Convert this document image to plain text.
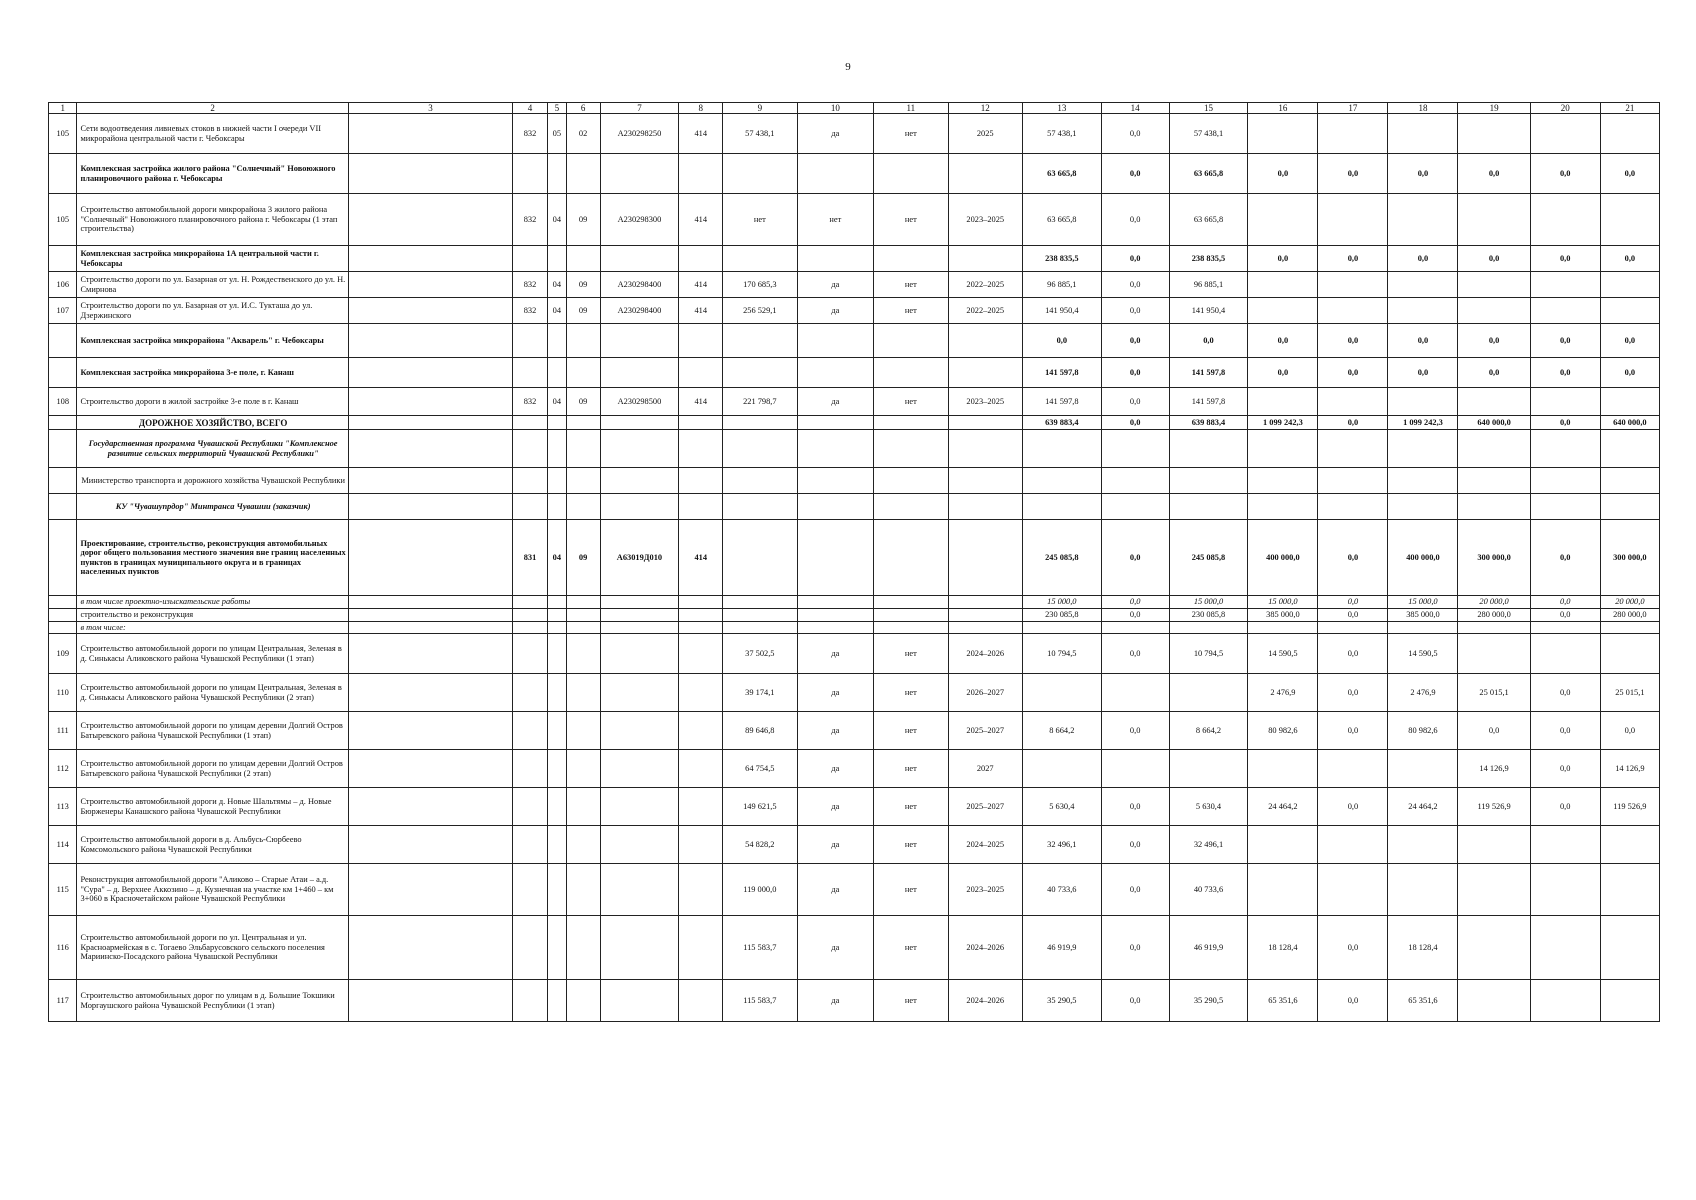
9
1	2	3	4	5	6	7	8	9	10	11	12	13	14	15	16	17	18	19	20	21
105	Сети водоотведения ливневых стоков в нижней части I очереди VII микрорайона центральной части г. Чебоксары		832	05	02	А230298250	414	57 438,1	да	нет	2025	57 438,1	0,0	57 438,1						
	Комплексная застройка жилого района "Солнечный" Новоюжного планировочного района г. Чебоксары											63 665,8	0,0	63 665,8	0,0	0,0	0,0	0,0	0,0	0,0
105	Строительство автомобильной дороги микрорайона 3 жилого района "Солнечный" Новоюжного планировочного района г. Чебоксары (1 этап строительства)		832	04	09	А230298300	414	нет	нет	нет	2023–2025	63 665,8	0,0	63 665,8						
	Комплексная застройка микрорайона 1А центральной части г. Чебоксары											238 835,5	0,0	238 835,5	0,0	0,0	0,0	0,0	0,0	0,0
106	Строительство дороги по ул. Базарная от ул. Н. Рождественского до ул. Н. Смирнова		832	04	09	А230298400	414	170 685,3	да	нет	2022–2025	96 885,1	0,0	96 885,1						
107	Строительство дороги по ул. Базарная от ул. И.С. Тукташа до ул. Дзержинского		832	04	09	А230298400	414	256 529,1	да	нет	2022–2025	141 950,4	0,0	141 950,4						
	Комплексная застройка микрорайона "Акварель" г. Чебоксары											0,0	0,0	0,0	0,0	0,0	0,0	0,0	0,0	0,0
	Комплексная застройка микрорайона 3-е поле, г. Канаш											141 597,8	0,0	141 597,8	0,0	0,0	0,0	0,0	0,0	0,0
108	Строительство дороги в жилой застройке 3-е поле в г. Канаш		832	04	09	А230298500	414	221 798,7	да	нет	2023–2025	141 597,8	0,0	141 597,8						
	ДОРОЖНОЕ ХОЗЯЙСТВО, ВСЕГО											639 883,4	0,0	639 883,4	1 099 242,3	0,0	1 099 242,3	640 000,0	0,0	640 000,0
	Государственная программа Чувашской Республики "Комплексное развитие сельских территорий Чувашской Республики"																			
	Министерство транспорта и дорожного хозяйства Чувашской Республики																			
	КУ "Чувашупрдор" Минтранса Чувашии (заказчик)																			
	Проектирование, строительство, реконструкция автомобильных дорог общего пользования местного значения вне границ населенных пунктов в границах муниципального округа и в границах населенных пунктов		831	04	09	А63019Д010	414					245 085,8	0,0	245 085,8	400 000,0	0,0	400 000,0	300 000,0	0,0	300 000,0
	в том числе проектно-изыскательские работы											15 000,0	0,0	15 000,0	15 000,0	0,0	15 000,0	20 000,0	0,0	20 000,0
	строительство и реконструкция											230 085,8	0,0	230 085,8	385 000,0	0,0	385 000,0	280 000,0	0,0	280 000,0
	в том числе:																			
109	Строительство автомобильной дороги по улицам Центральная, Зеленая в д. Синькасы Аликовского района Чувашской Республики (1 этап)							37 502,5	да	нет	2024–2026	10 794,5	0,0	10 794,5	14 590,5	0,0	14 590,5			
110	Строительство автомобильной дороги по улицам Центральная, Зеленая в д. Синькасы Аликовского района Чувашской Республики (2 этап)							39 174,1	да	нет	2026–2027				2 476,9	0,0	2 476,9	25 015,1	0,0	25 015,1
111	Строительство автомобильной дороги по улицам деревни Долгий Остров Батыревского района Чувашской Республики (1 этап)							89 646,8	да	нет	2025–2027	8 664,2	0,0	8 664,2	80 982,6	0,0	80 982,6	0,0	0,0	0,0
112	Строительство автомобильной дороги по улицам деревни Долгий Остров Батыревского района Чувашской Республики (2 этап)							64 754,5	да	нет	2027							14 126,9	0,0	14 126,9
113	Строительство автомобильной дороги д. Новые Шальтямы – д. Новые Бюрженеры Канашского района Чувашской Республики							149 621,5	да	нет	2025–2027	5 630,4	0,0	5 630,4	24 464,2	0,0	24 464,2	119 526,9	0,0	119 526,9
114	Строительство автомобильной дороги в д. Альбусь-Сюрбеево Комсомольского района Чувашской Республики							54 828,2	да	нет	2024–2025	32 496,1	0,0	32 496,1						
115	Реконструкция автомобильной дороги "Аликово – Старые Атаи – а.д. "Сура" – д. Верхнее Аккозино – д. Кузнечная на участке км 1+460 – км 3+060 в Красночетайском районе Чувашской Республики							119 000,0	да	нет	2023–2025	40 733,6	0,0	40 733,6						
116	Строительство автомобильной дороги по ул. Центральная и ул. Красноармейская в с. Тогаево Эльбарусовского сельского поселения Мариинско-Посадского района Чувашской Республики							115 583,7	да	нет	2024–2026	46 919,9	0,0	46 919,9	18 128,4	0,0	18 128,4			
117	Строительство автомобильных дорог по улицам в д. Большие Токшики Моргаушского района Чувашской Республики (1 этап)							115 583,7	да	нет	2024–2026	35 290,5	0,0	35 290,5	65 351,6	0,0	65 351,6			
